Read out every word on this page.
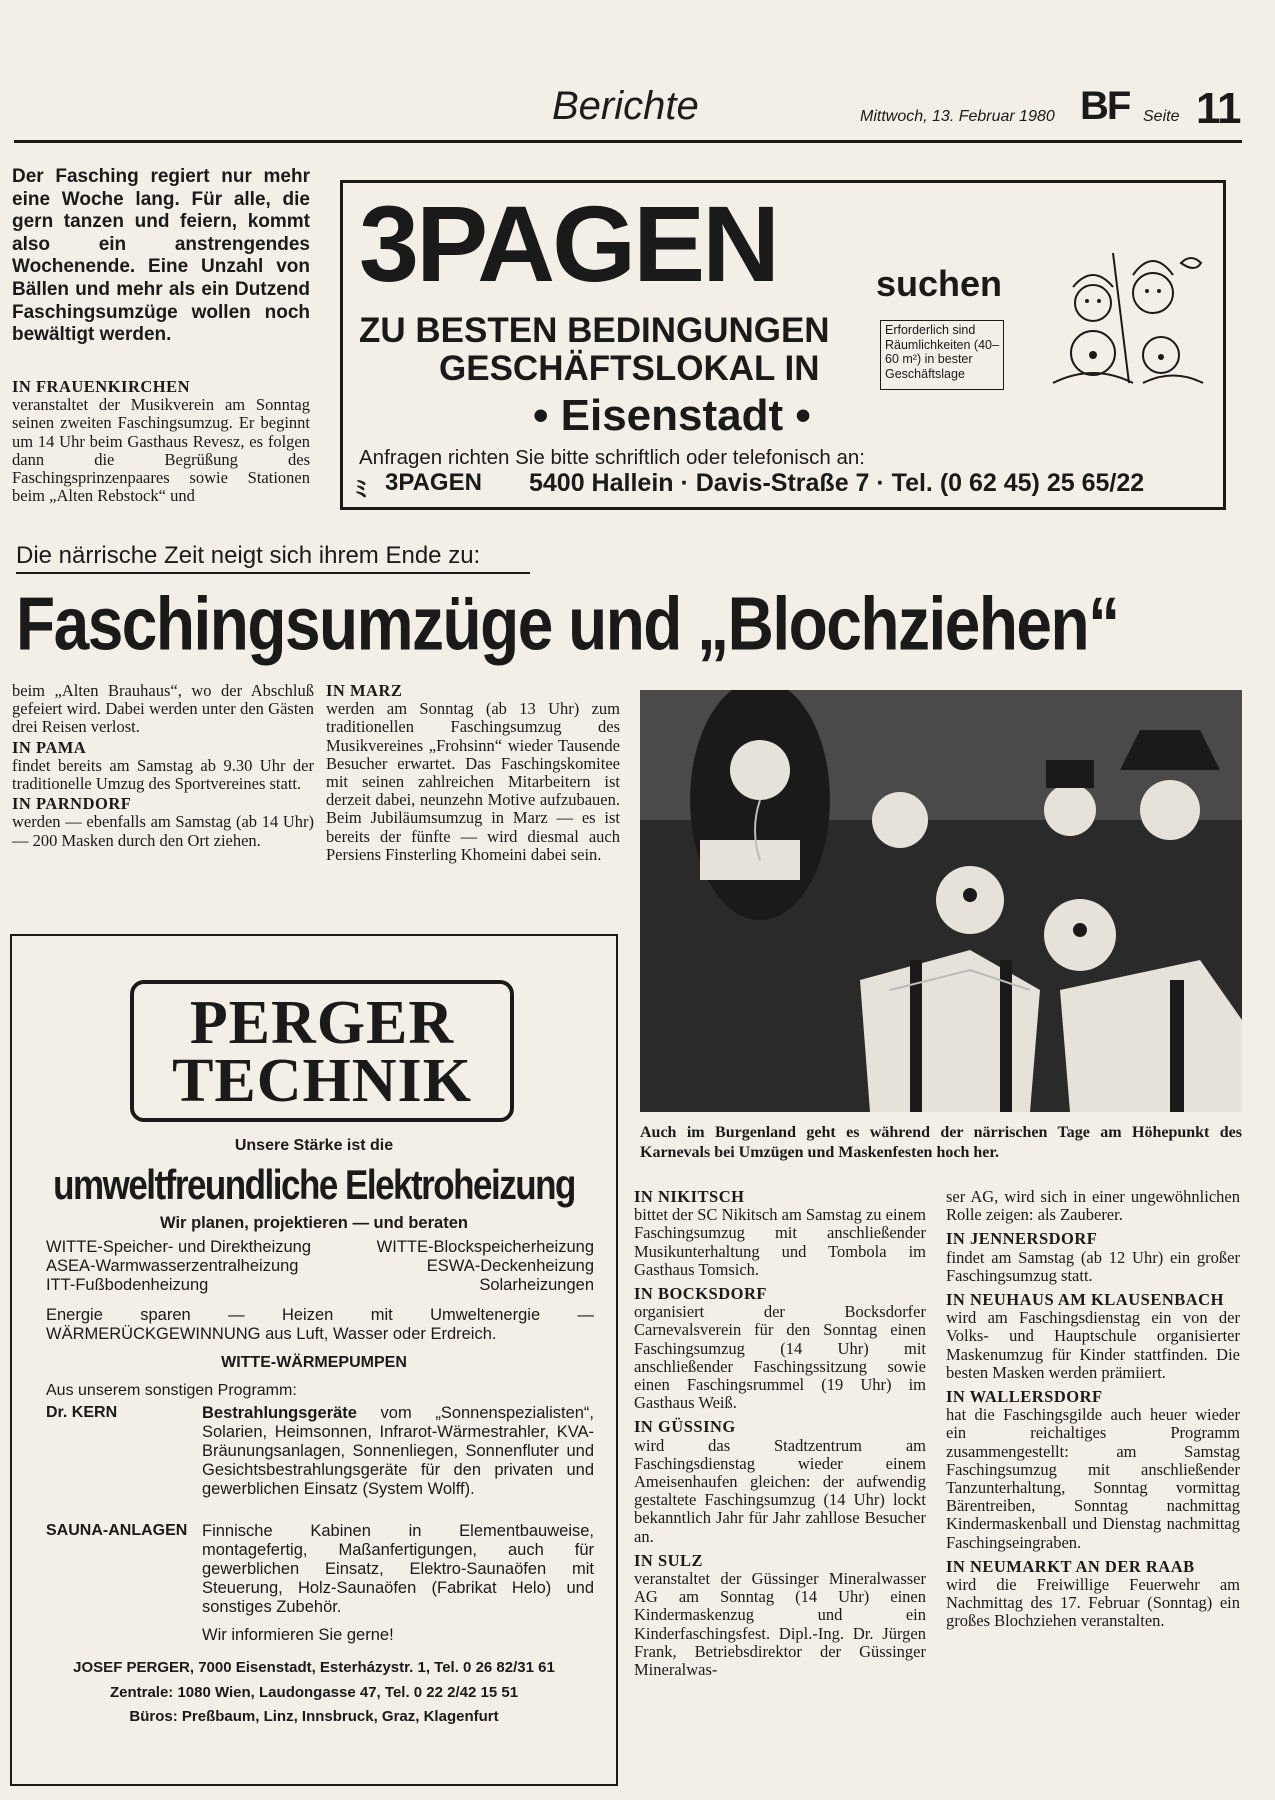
Berichte	Mittwoch, 13. Februar 1980 BF Seite 11
Der Fasching regiert nur mehr eine Woche lang. Für alle, die gern tanzen und feiern, kommt also ein anstrengendes Wochenende. Eine Unzahl von Bällen und mehr als ein Dutzend Faschingsumzüge wollen noch bewältigt werden.
IN FRAUENKIRCHEN
veranstaltet der Musikverein am Sonntag seinen zweiten Faschingsumzug. Er beginnt um 14 Uhr beim Gasthaus Revesz, es folgen dann die Begrüßung des Faschingsprinzenpaares sowie Stationen beim „Alten Rebstock“ und
3PAGEN	suchen
ZU BESTEN BEDINGUNGEN
GESCHÄFTSLOKAL IN
Erforderlich sind Räumlichkeiten (40–60 m²) in bester Geschäftslage
• Eisenstadt •
Anfragen richten Sie bitte schriftlich oder telefonisch an:
ﾐ 3PAGEN 5400 Hallein · Davis-Straße 7 · Tel. (0 62 45) 25 65/22
Die närrische Zeit neigt sich ihrem Ende zu:
Faschingsumzüge und „Blochziehen“
beim „Alten Brauhaus“, wo der Abschluß gefeiert wird. Dabei werden unter den Gästen drei Reisen verlost.
IN PAMA
findet bereits am Samstag ab 9.30 Uhr der traditionelle Umzug des Sportvereines statt.
IN PARNDORF
werden — ebenfalls am Samstag (ab 14 Uhr) — 200 Masken durch den Ort ziehen.
IN MARZ
werden am Sonntag (ab 13 Uhr) zum traditionellen Faschingsumzug des Musikvereines „Frohsinn“ wieder Tausende Besucher erwartet. Das Faschingskomitee mit seinen zahlreichen Mitarbeitern ist derzeit dabei, neunzehn Motive aufzubauen. Beim Jubiläumsumzug in Marz — es ist bereits der fünfte — wird diesmal auch Persiens Finsterling Khomeini dabei sein.
Auch im Burgenland geht es während der närrischen Tage am Höhepunkt des Karnevals bei Umzügen und Maskenfesten hoch her.
PERGER
TECHNIK
Unsere Stärke ist die
umweltfreundliche Elektroheizung
Wir planen, projektieren — und beraten
WITTE-Speicher- und Direktheizung	WITTE-Blockspeicherheizung
ASEA-Warmwasserzentralheizung	ESWA-Deckenheizung
ITT-Fußbodenheizung	Solarheizungen
Energie sparen — Heizen mit Umweltenergie — WÄRMERÜCKGEWINNUNG aus Luft, Wasser oder Erdreich.
WITTE-WÄRMEPUMPEN
Aus unserem sonstigen Programm:
Dr. KERN	Bestrahlungsgeräte vom „Sonnenspezialisten“, Solarien, Heimsonnen, Infrarot-Wärmestrahler, KVA-Bräunungsanlagen, Sonnenliegen, Sonnenfluter und Gesichtsbestrahlungsgeräte für den privaten und gewerblichen Einsatz (System Wolff).
SAUNA-ANLAGEN Finnische Kabinen in Elementbauweise, montagefertig, Maßanfertigungen, auch für gewerblichen Einsatz, Elektro-Saunaöfen mit Steuerung, Holz-Saunaöfen (Fabrikat Helo) und sonstiges Zubehör.
Wir informieren Sie gerne!
JOSEF PERGER, 7000 Eisenstadt, Esterházystr. 1, Tel. 0 26 82/31 61
Zentrale: 1080 Wien, Laudongasse 47, Tel. 0 22 2/42 15 51
Büros: Preßbaum, Linz, Innsbruck, Graz, Klagenfurt
IN NIKITSCH
bittet der SC Nikitsch am Samstag zu einem Faschingsumzug mit anschließender Musikunterhaltung und Tombola im Gasthaus Tomsich.
IN BOCKSDORF
organisiert der Bocksdorfer Carnevalsverein für den Sonntag einen Faschingsumzug (14 Uhr) mit anschließender Faschingssitzung sowie einen Faschingsrummel (19 Uhr) im Gasthaus Weiß.
IN GÜSSING
wird das Stadtzentrum am Faschingsdienstag wieder einem Ameisenhaufen gleichen: der aufwendig gestaltete Faschingsumzug (14 Uhr) lockt bekanntlich Jahr für Jahr zahllose Besucher an.
IN SULZ
veranstaltet der Güssinger Mineralwasser AG am Sonntag (14 Uhr) einen Kindermaskenzug und ein Kinderfaschingsfest. Dipl.-Ing. Dr. Jürgen Frank, Betriebsdirektor der Güssinger Mineralwas-
ser AG, wird sich in einer ungewöhnlichen Rolle zeigen: als Zauberer.
IN JENNERSDORF
findet am Samstag (ab 12 Uhr) ein großer Faschingsumzug statt.
IN NEUHAUS AM KLAUSENBACH
wird am Faschingsdienstag ein von der Volks- und Hauptschule organisierter Maskenumzug für Kinder stattfinden. Die besten Masken werden prämiiert.
IN WALLERSDORF
hat die Faschingsgilde auch heuer wieder ein reichaltiges Programm zusammengestellt: am Samstag Faschingsumzug mit anschließender Tanzunterhaltung, Sonntag vormittag Bärentreiben, Sonntag nachmittag Kindermaskenball und Dienstag nachmittag Faschingseingraben.
IN NEUMARKT AN DER RAAB
wird die Freiwillige Feuerwehr am Nachmittag des 17. Februar (Sonntag) ein großes Blochziehen veranstalten.
